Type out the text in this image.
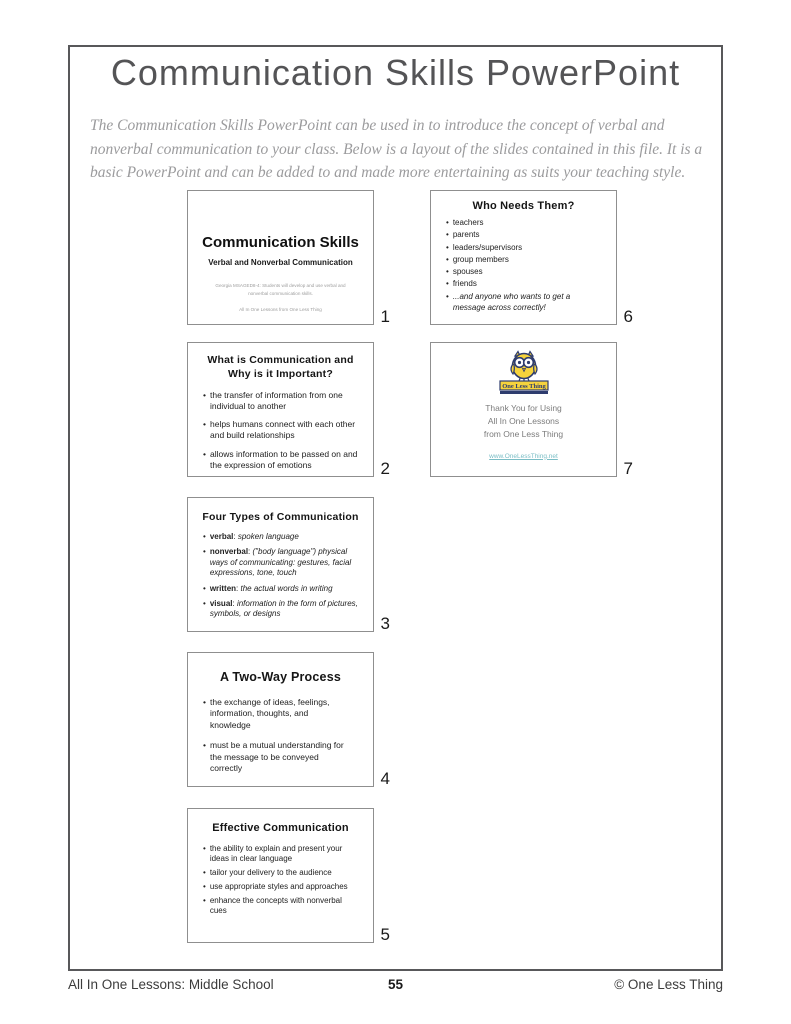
Communication Skills PowerPoint

The Communication Skills PowerPoint can be used in to introduce the concept of verbal and nonverbal communication to your class. Below is a layout of the slides contained in this file. It is a basic PowerPoint and can be added to and made more entertaining as suits your teaching style.

Communication Skills
Verbal and Nonverbal Communication
Georgia MSAGED8-4: Students will develop and use verbal and nonverbal communication skills.
All In One Lessons from One Less Thing	1
What is Communication and
Why is it Important?
• the transfer of information from one individual to another
• helps humans connect with each other and build relationships
• allows information to be passed on and the expression of emotions	2
Four Types of Communication
• verbal: spoken language
• nonverbal: ("body language") physical ways of communicating: gestures, facial expressions, tone, touch
• written: the actual words in writing
• visual: information in the form of pictures, symbols, or designs
3
A Two-Way Process
• the exchange of ideas, feelings, information, thoughts, and knowledge
• must be a mutual understanding for the message to be conveyed correctly
4
Effective Communication
• the ability to explain and present your ideas in clear language
• tailor your delivery to the audience
• use appropriate styles and approaches
• enhance the concepts with nonverbal cues
5
Who Needs Them?
• teachers
• parents
• leaders/supervisors
• group members
• spouses
• friends
• ...and anyone who wants to get a message across correctly!	6
One Less Thing
Thank You for Using
All In One Lessons
from One Less Thing
www.OneLessThing.net
7
All In One Lessons: Middle School	55	© One Less Thing
